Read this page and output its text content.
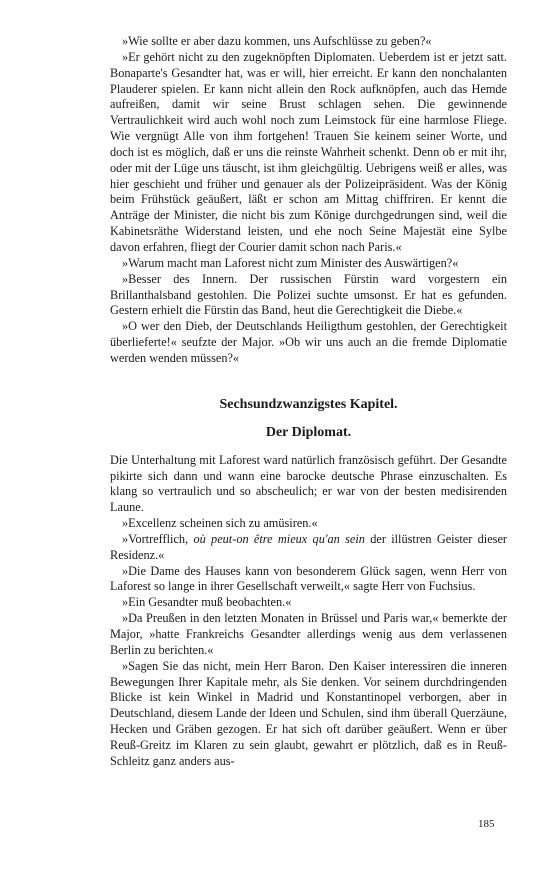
»Wie sollte er aber dazu kommen, uns Aufschlüsse zu geben?«

»Er gehört nicht zu den zugeknöpften Diplomaten. Ueberdem ist er jetzt satt. Bonaparte's Gesandter hat, was er will, hier erreicht. Er kann den nonchalanten Plauderer spielen. Er kann nicht allein den Rock aufknöpfen, auch das Hemde aufreißen, damit wir seine Brust schlagen sehen. Die gewinnende Vertraulichkeit wird auch wohl noch zum Leimstock für eine harmlose Fliege. Wie vergnügt Alle von ihm fortgehen! Trauen Sie keinem seiner Worte, und doch ist es möglich, daß er uns die reinste Wahrheit schenkt. Denn ob er mit ihr, oder mit der Lüge uns täuscht, ist ihm gleichgültig. Uebrigens weiß er alles, was hier geschieht und früher und genauer als der Polizeipräsident. Was der König beim Frühstück geäußert, läßt er schon am Mittag chiffriren. Er kennt die Anträge der Minister, die nicht bis zum Könige durchgedrungen sind, weil die Kabinetsräthe Widerstand leisten, und ehe noch Seine Majestät eine Sylbe davon erfahren, fliegt der Courier damit schon nach Paris.«

»Warum macht man Laforest nicht zum Minister des Auswärtigen?«

»Besser des Innern. Der russischen Fürstin ward vorgestern ein Brillanthalsband gestohlen. Die Polizei suchte umsonst. Er hat es gefunden. Gestern erhielt die Fürstin das Band, heut die Gerechtigkeit die Diebe.«

»O wer den Dieb, der Deutschlands Heiligthum gestohlen, der Gerechtigkeit überlieferte!« seufzte der Major. »Ob wir uns auch an die fremde Diplomatie werden wenden müssen?«

Sechsundzwanzigstes Kapitel.
Der Diplomat.

Die Unterhaltung mit Laforest ward natürlich französisch geführt. Der Gesandte pikirte sich dann und wann eine barocke deutsche Phrase einzuschalten. Es klang so vertraulich und so abscheulich; er war von der besten medisirenden Laune.

»Excellenz scheinen sich zu amüsiren.«

»Vortrefflich, où peut-on être mieux qu'an sein der illüstren Geister dieser Residenz.«

»Die Dame des Hauses kann von besonderem Glück sagen, wenn Herr von Laforest so lange in ihrer Gesellschaft verweilt,« sagte Herr von Fuchsius.

»Ein Gesandter muß beobachten.«

»Da Preußen in den letzten Monaten in Brüssel und Paris war,« bemerkte der Major, »hatte Frankreichs Gesandter allerdings wenig aus dem verlassenen Berlin zu berichten.«

»Sagen Sie das nicht, mein Herr Baron. Den Kaiser interessiren die inneren Bewegungen Ihrer Kapitale mehr, als Sie denken. Vor seinem durchdringenden Blicke ist kein Winkel in Madrid und Konstantinopel verborgen, aber in Deutschland, diesem Lande der Ideen und Schulen, sind ihm überall Querzäune, Hecken und Gräben gezogen. Er hat sich oft darüber geäußert. Wenn er über Reuß-Greitz im Klaren zu sein glaubt, gewahrt er plötzlich, daß es in Reuß-Schleitz ganz anders aus-

185
